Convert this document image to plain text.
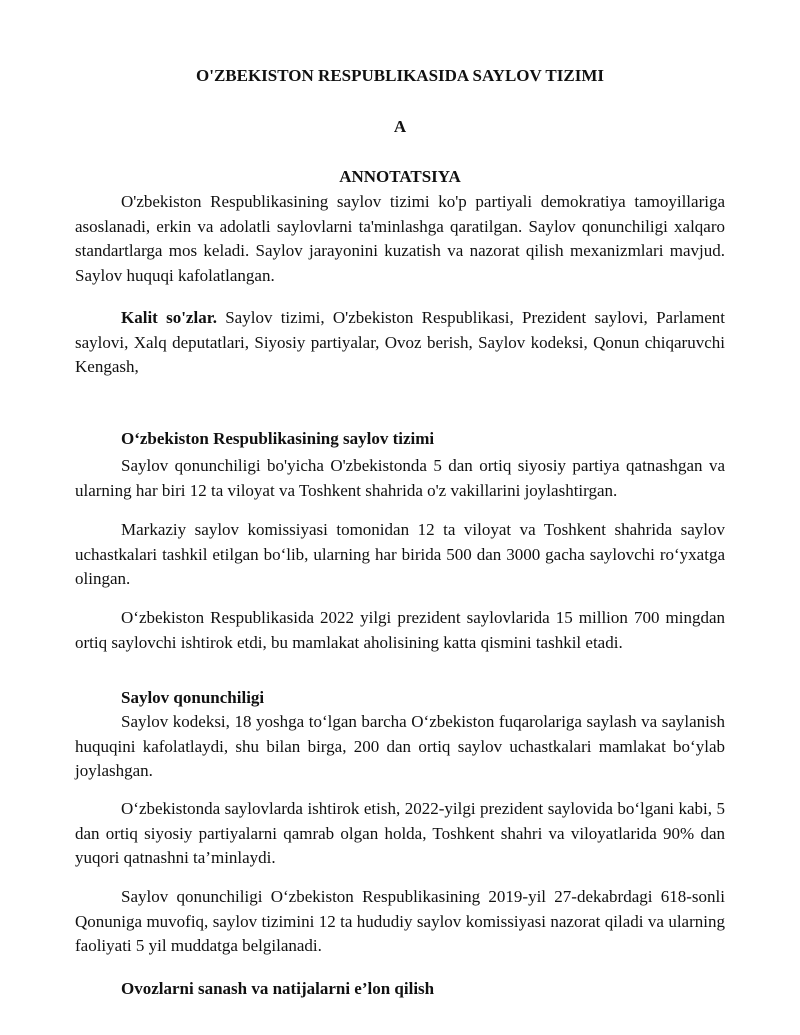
O'ZBEKISTON RESPUBLIKASIDA SAYLOV TIZIMI
A
ANNOTATSIYA
O'zbekiston Respublikasining saylov tizimi ko'p partiyali demokratiya tamoyillariga asoslanadi, erkin va adolatli saylovlarni ta'minlashga qaratilgan. Saylov qonunchiligi xalqaro standartlarga mos keladi. Saylov jarayonini kuzatish va nazorat qilish mexanizmlari mavjud. Saylov huquqi kafolatlangan.
Kalit so'zlar. Saylov tizimi, O'zbekiston Respublikasi, Prezident saylovi, Parlament saylovi, Xalq deputatlari, Siyosiy partiyalar, Ovoz berish, Saylov kodeksi, Qonun chiqaruvchi Kengash,
O‘zbekiston Respublikasining saylov tizimi
Saylov qonunchiligi bo'yicha O'zbekistonda 5 dan ortiq siyosiy partiya qatnashgan va ularning har biri 12 ta viloyat va Toshkent shahrida o'z vakillarini joylashtirgan.
Markaziy saylov komissiyasi tomonidan 12 ta viloyat va Toshkent shahrida saylov uchastkalari tashkil etilgan bo‘lib, ularning har birida 500 dan 3000 gacha saylovchi ro‘yxatga olingan.
O‘zbekiston Respublikasida 2022 yilgi prezident saylovlarida 15 million 700 mingdan ortiq saylovchi ishtirok etdi, bu mamlakat aholisining katta qismini tashkil etadi.
Saylov qonunchiligi
Saylov kodeksi, 18 yoshga to‘lgan barcha O‘zbekiston fuqarolariga saylash va saylanish huquqini kafolatlaydi, shu bilan birga, 200 dan ortiq saylov uchastkalari mamlakat bo‘ylab joylashgan.
O‘zbekistonda saylovlarda ishtirok etish, 2022-yilgi prezident saylovida bo‘lgani kabi, 5 dan ortiq siyosiy partiyalarni qamrab olgan holda, Toshkent shahri va viloyatlarida 90% dan yuqori qatnashni ta’minlaydi.
Saylov qonunchiligi O‘zbekiston Respublikasining 2019-yil 27-dekabrdagi 618-sonli Qonuniga muvofiq, saylov tizimini 12 ta hududiy saylov komissiyasi nazorat qiladi va ularning faoliyati 5 yil muddatga belgilanadi.
Ovozlarni sanash va natijalarni e’lon qilish
